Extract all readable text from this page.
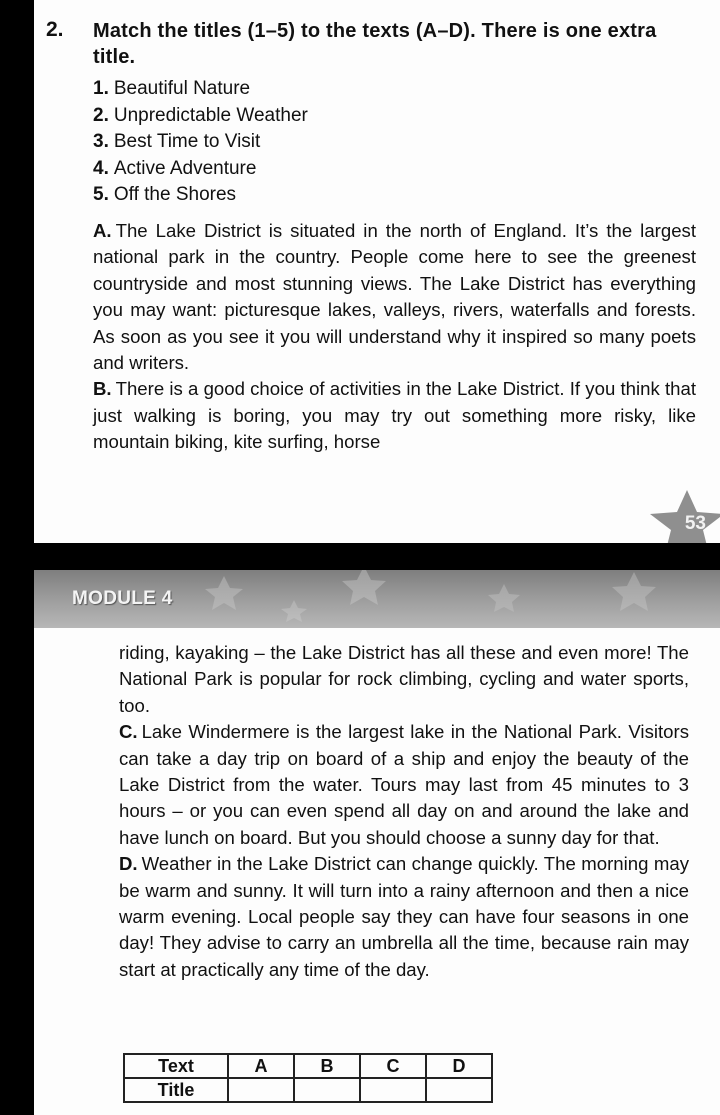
2. Match the titles (1–5) to the texts (A–D). There is one extra title.
1. Beautiful Nature
2. Unpredictable Weather
3. Best Time to Visit
4. Active Adventure
5. Off the Shores
A. The Lake District is situated in the north of England. It’s the largest national park in the country. People come here to see the greenest countryside and most stunning views. The Lake District has everything you may want: picturesque lakes, valleys, rivers, waterfalls and forests. As soon as you see it you will understand why it inspired so many poets and writers.
B. There is a good choice of activities in the Lake District. If you think that just walking is boring, you may try out something more risky, like mountain biking, kite surfing, horse
53
MODULE 4
riding, kayaking – the Lake District has all these and even more! The National Park is popular for rock climbing, cycling and water sports, too.
C. Lake Windermere is the largest lake in the National Park. Visitors can take a day trip on board of a ship and enjoy the beauty of the Lake District from the water. Tours may last from 45 minutes to 3 hours – or you can even spend all day on and around the lake and have lunch on board. But you should choose a sunny day for that.
D. Weather in the Lake District can change quickly. The morning may be warm and sunny. It will turn into a rainy afternoon and then a nice warm evening. Local people say they can have four seasons in one day! They advise to carry an umbrella all the time, because rain may start at practically any time of the day.
Text	A	B	C	D
Title				
